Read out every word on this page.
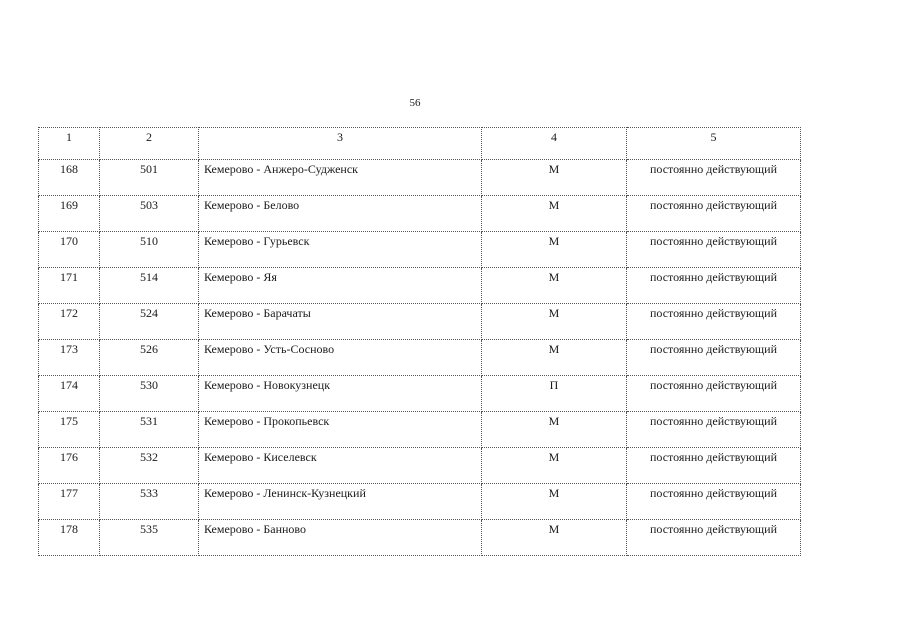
56
1	2	3	4	5
168	501	Кемерово - Анжеро-Судженск	М	постоянно действующий
169	503	Кемерово - Белово	М	постоянно действующий
170	510	Кемерово - Гурьевск	М	постоянно действующий
171	514	Кемерово - Яя	М	постоянно действующий
172	524	Кемерово - Барачаты	М	постоянно действующий
173	526	Кемерово - Усть-Сосново	М	постоянно действующий
174	530	Кемерово - Новокузнецк	П	постоянно действующий
175	531	Кемерово - Прокопьевск	М	постоянно действующий
176	532	Кемерово - Киселевск	М	постоянно действующий
177	533	Кемерово - Ленинск-Кузнецкий	М	постоянно действующий
178	535	Кемерово - Банново	М	постоянно действующий
